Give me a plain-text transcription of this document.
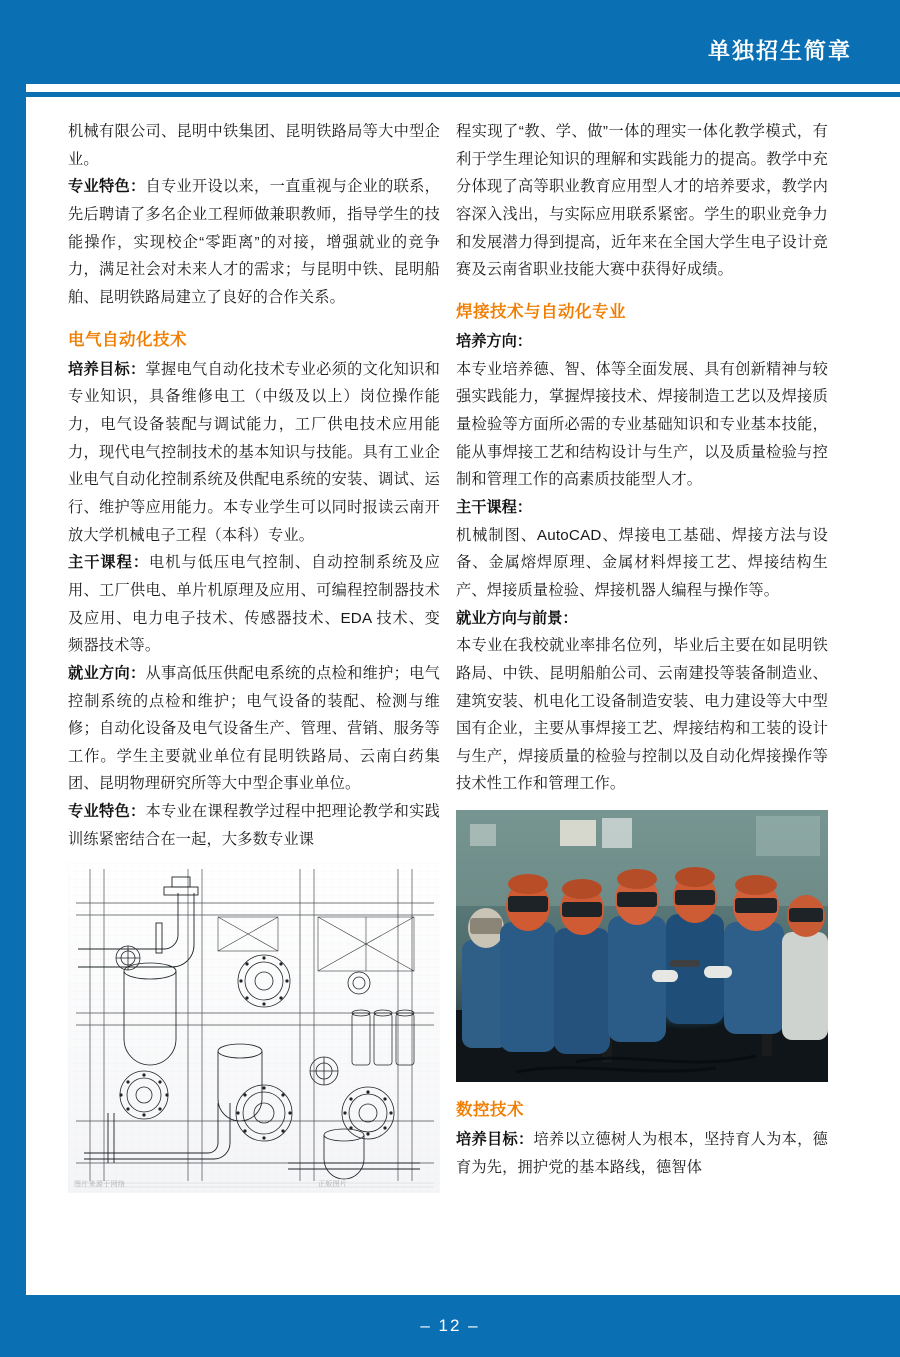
单独招生简章

机械有限公司、昆明中铁集团、昆明铁路局等大中型企业。

专业特色：自专业开设以来，一直重视与企业的联系，先后聘请了多名企业工程师做兼职教师，指导学生的技能操作，实现校企“零距离”的对接，增强就业的竞争力，满足社会对未来人才的需求；与昆明中铁、昆明船舶、昆明铁路局建立了良好的合作关系。

电气自动化技术

培养目标：掌握电气自动化技术专业必须的文化知识和专业知识，具备维修电工（中级及以上）岗位操作能力，电气设备装配与调试能力，工厂供电技术应用能力，现代电气控制技术的基本知识与技能。具有工业企业电气自动化控制系统及供配电系统的安装、调试、运行、维护等应用能力。本专业学生可以同时报读云南开放大学机械电子工程（本科）专业。

主干课程：电机与低压电气控制、自动控制系统及应用、工厂供电、单片机原理及应用、可编程控制器技术及应用、电力电子技术、传感器技术、EDA 技术、变频器技术等。

就业方向：从事高低压供配电系统的点检和维护；电气控制系统的点检和维护；电气设备的装配、检测与维修；自动化设备及电气设备生产、管理、营销、服务等工作。学生主要就业单位有昆明铁路局、云南白药集团、昆明物理研究所等大中型企事业单位。

专业特色：本专业在课程教学过程中把理论教学和实践训练紧密结合在一起，大多数专业课

图片来源于网络	正版图片

程实现了“教、学、做”一体的理实一体化教学模式，有利于学生理论知识的理解和实践能力的提高。教学中充分体现了高等职业教育应用型人才的培养要求，教学内容深入浅出，与实际应用联系紧密。学生的职业竞争力和发展潜力得到提高，近年来在全国大学生电子设计竞赛及云南省职业技能大赛中获得好成绩。

焊接技术与自动化专业

培养方向：

本专业培养德、智、体等全面发展、具有创新精神与较强实践能力，掌握焊接技术、焊接制造工艺以及焊接质量检验等方面所必需的专业基础知识和专业基本技能，能从事焊接工艺和结构设计与生产，以及质量检验与控制和管理工作的高素质技能型人才。

主干课程：

机械制图、AutoCAD、焊接电工基础、焊接方法与设备、金属熔焊原理、金属材料焊接工艺、焊接结构生产、焊接质量检验、焊接机器人编程与操作等。

就业方向与前景：

本专业在我校就业率排名位列，毕业后主要在如昆明铁路局、中铁、昆明船舶公司、云南建投等装备制造业、建筑安装、机电化工设备制造安装、电力建设等大中型国有企业，主要从事焊接工艺、焊接结构和工装的设计与生产，焊接质量的检验与控制以及自动化焊接操作等技术性工作和管理工作。

数控技术

培养目标：培养以立德树人为根本，坚持育人为本，德育为先，拥护党的基本路线，德智体

– 12 –
